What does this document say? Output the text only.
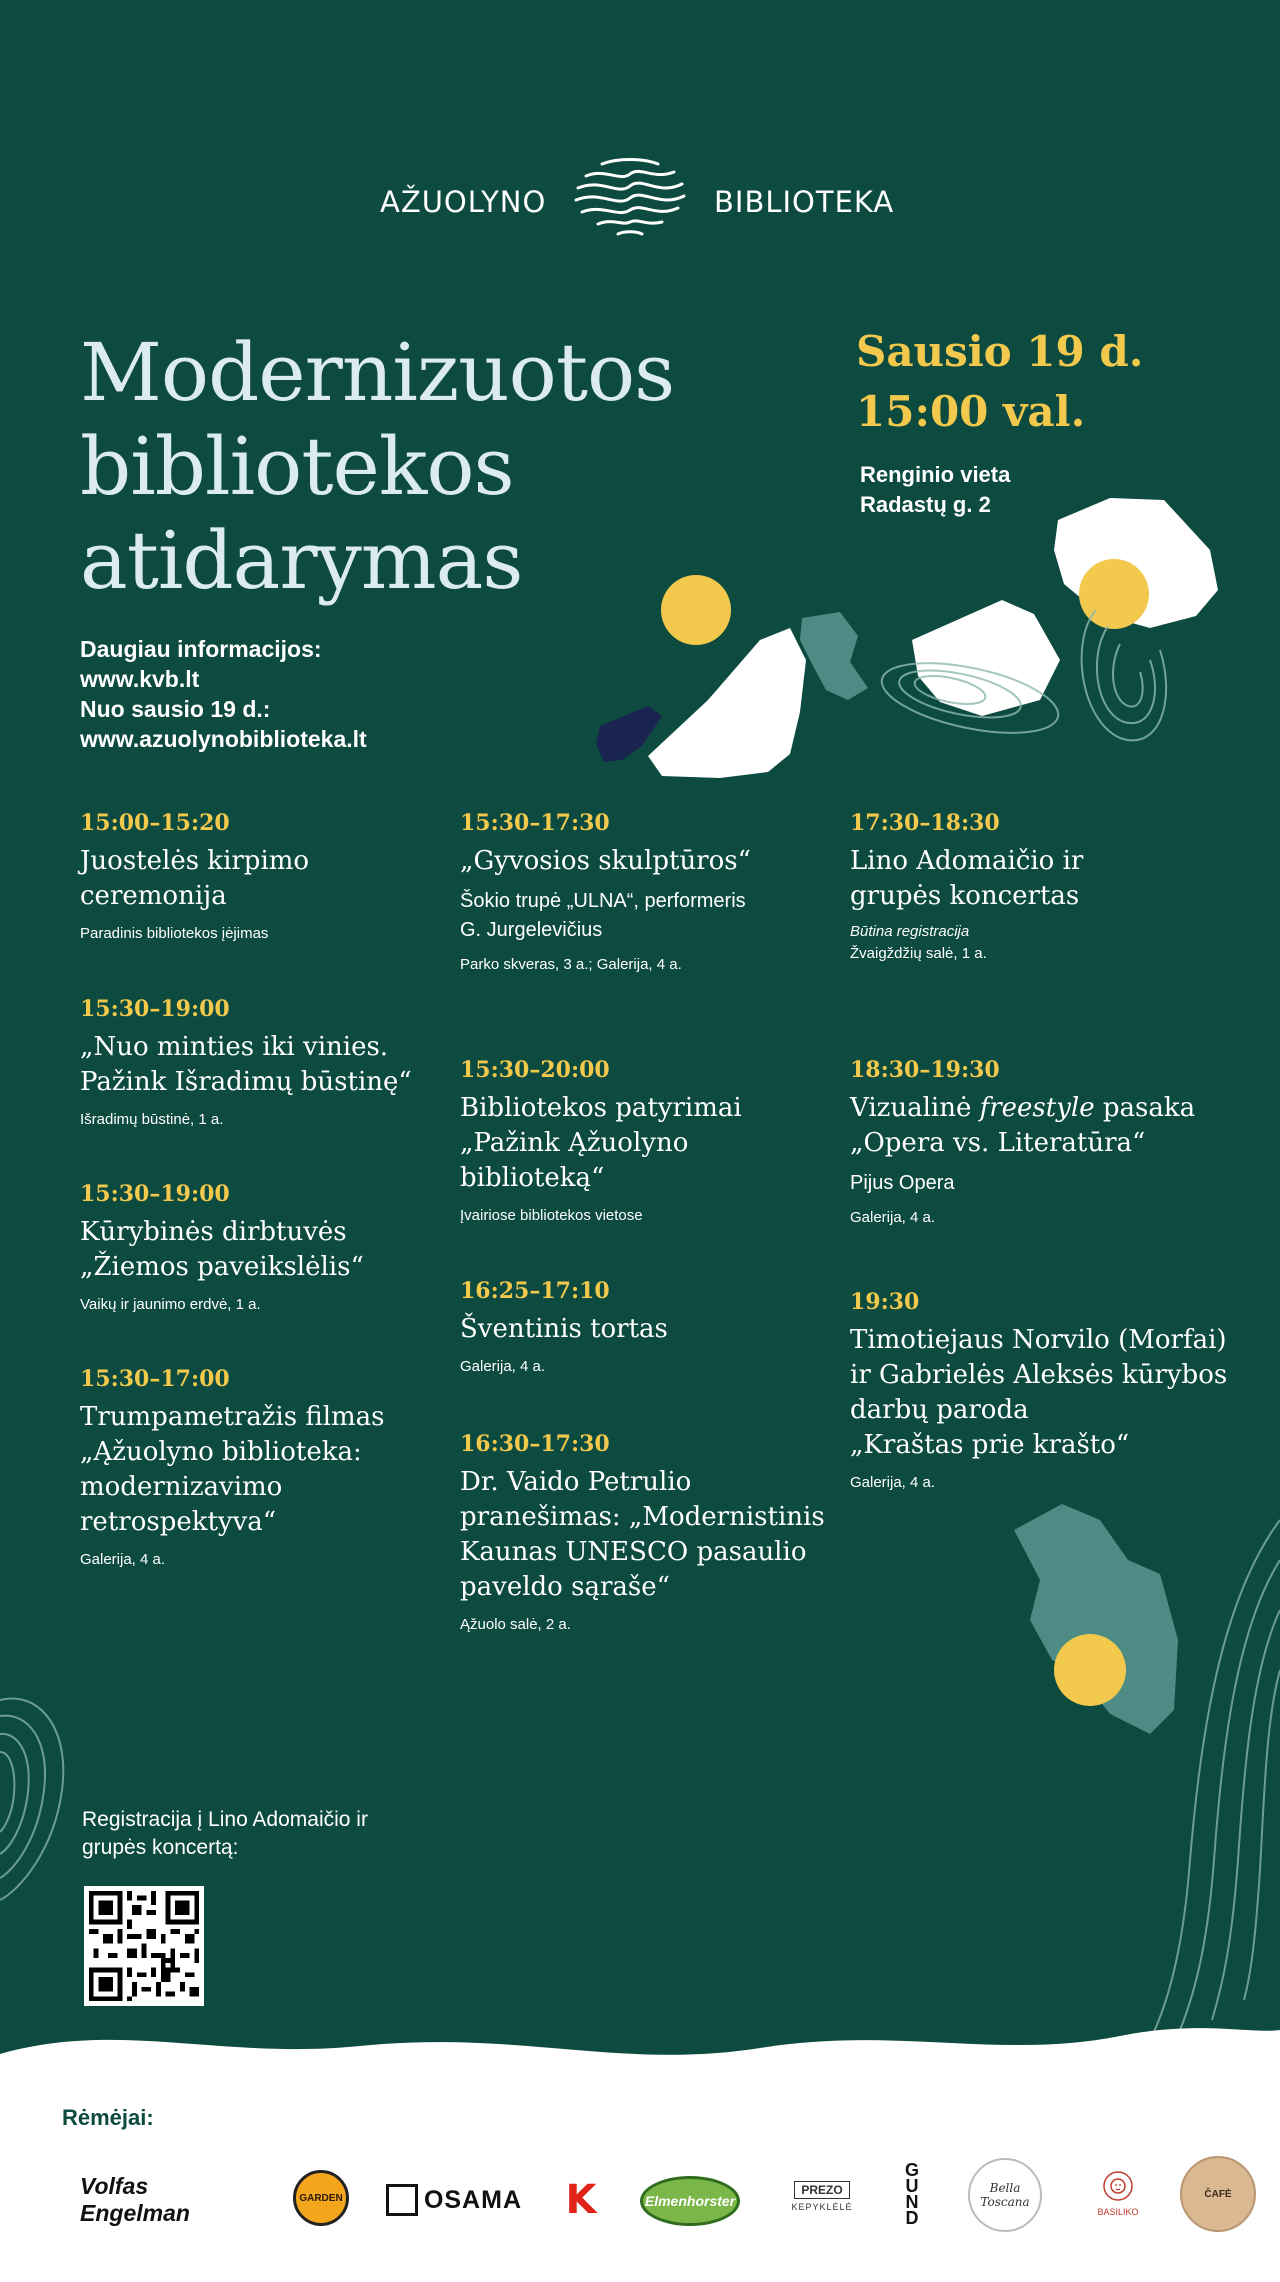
AŽUOLYNO	BIBLIOTEKA
Modernizuotos
bibliotekos
atidarymas
Sausio 19 d.
15:00 val.
Renginio vieta
Radastų g. 2
Daugiau informacijos:
www.kvb.lt
Nuo sausio 19 d.:
www.azuolynobiblioteka.lt
15:00–15:20
Juostelės kirpimo
ceremonija
Paradinis bibliotekos įėjimas
15:30–19:00
„Nuo minties iki vinies.
Pažink Išradimų būstinę“
Išradimų būstinė, 1 a.
15:30–19:00
Kūrybinės dirbtuvės
„Žiemos paveikslėlis“
Vaikų ir jaunimo erdvė, 1 a.
15:30–17:00
Trumpametražis filmas
„Ąžuolyno biblioteka:
modernizavimo
retrospektyva“
Galerija, 4 a.
15:30–17:30
„Gyvosios skulptūros“
Šokio trupė „ULNA“, performeris
G. Jurgelevičius
Parko skveras, 3 a.; Galerija, 4 a.
15:30–20:00
Bibliotekos patyrimai
„Pažink Ąžuolyno
biblioteką“
Įvairiose bibliotekos vietose
16:25–17:10
Šventinis tortas
Galerija, 4 a.
16:30–17:30
Dr. Vaido Petrulio
pranešimas: „Modernistinis
Kaunas UNESCO pasaulio
paveldo sąraše“
Ąžuolo salė, 2 a.
17:30–18:30
Lino Adomaičio ir
grupės koncertas
Būtina registracija
Žvaigždžių salė, 1 a.
18:30–19:30
Vizualinė freestyle pasaka
„Opera vs. Literatūra“
Pijus Opera
Galerija, 4 a.
19:30
Timotiejaus Norvilo (Morfai)
ir Gabrielės Aleksės kūrybos
darbų paroda
„Kraštas prie krašto“
Galerija, 4 a.
Registracija į Lino Adomaičio ir
grupės koncertą:
Rėmėjai:
Volfas Engelman
GARDEN	OSAMA	K	Elmenhorster
PREZO
KEPYKLĖLĖ
G
U
N
D
Bella Toscana
BASILIKO
ČAFĖ
